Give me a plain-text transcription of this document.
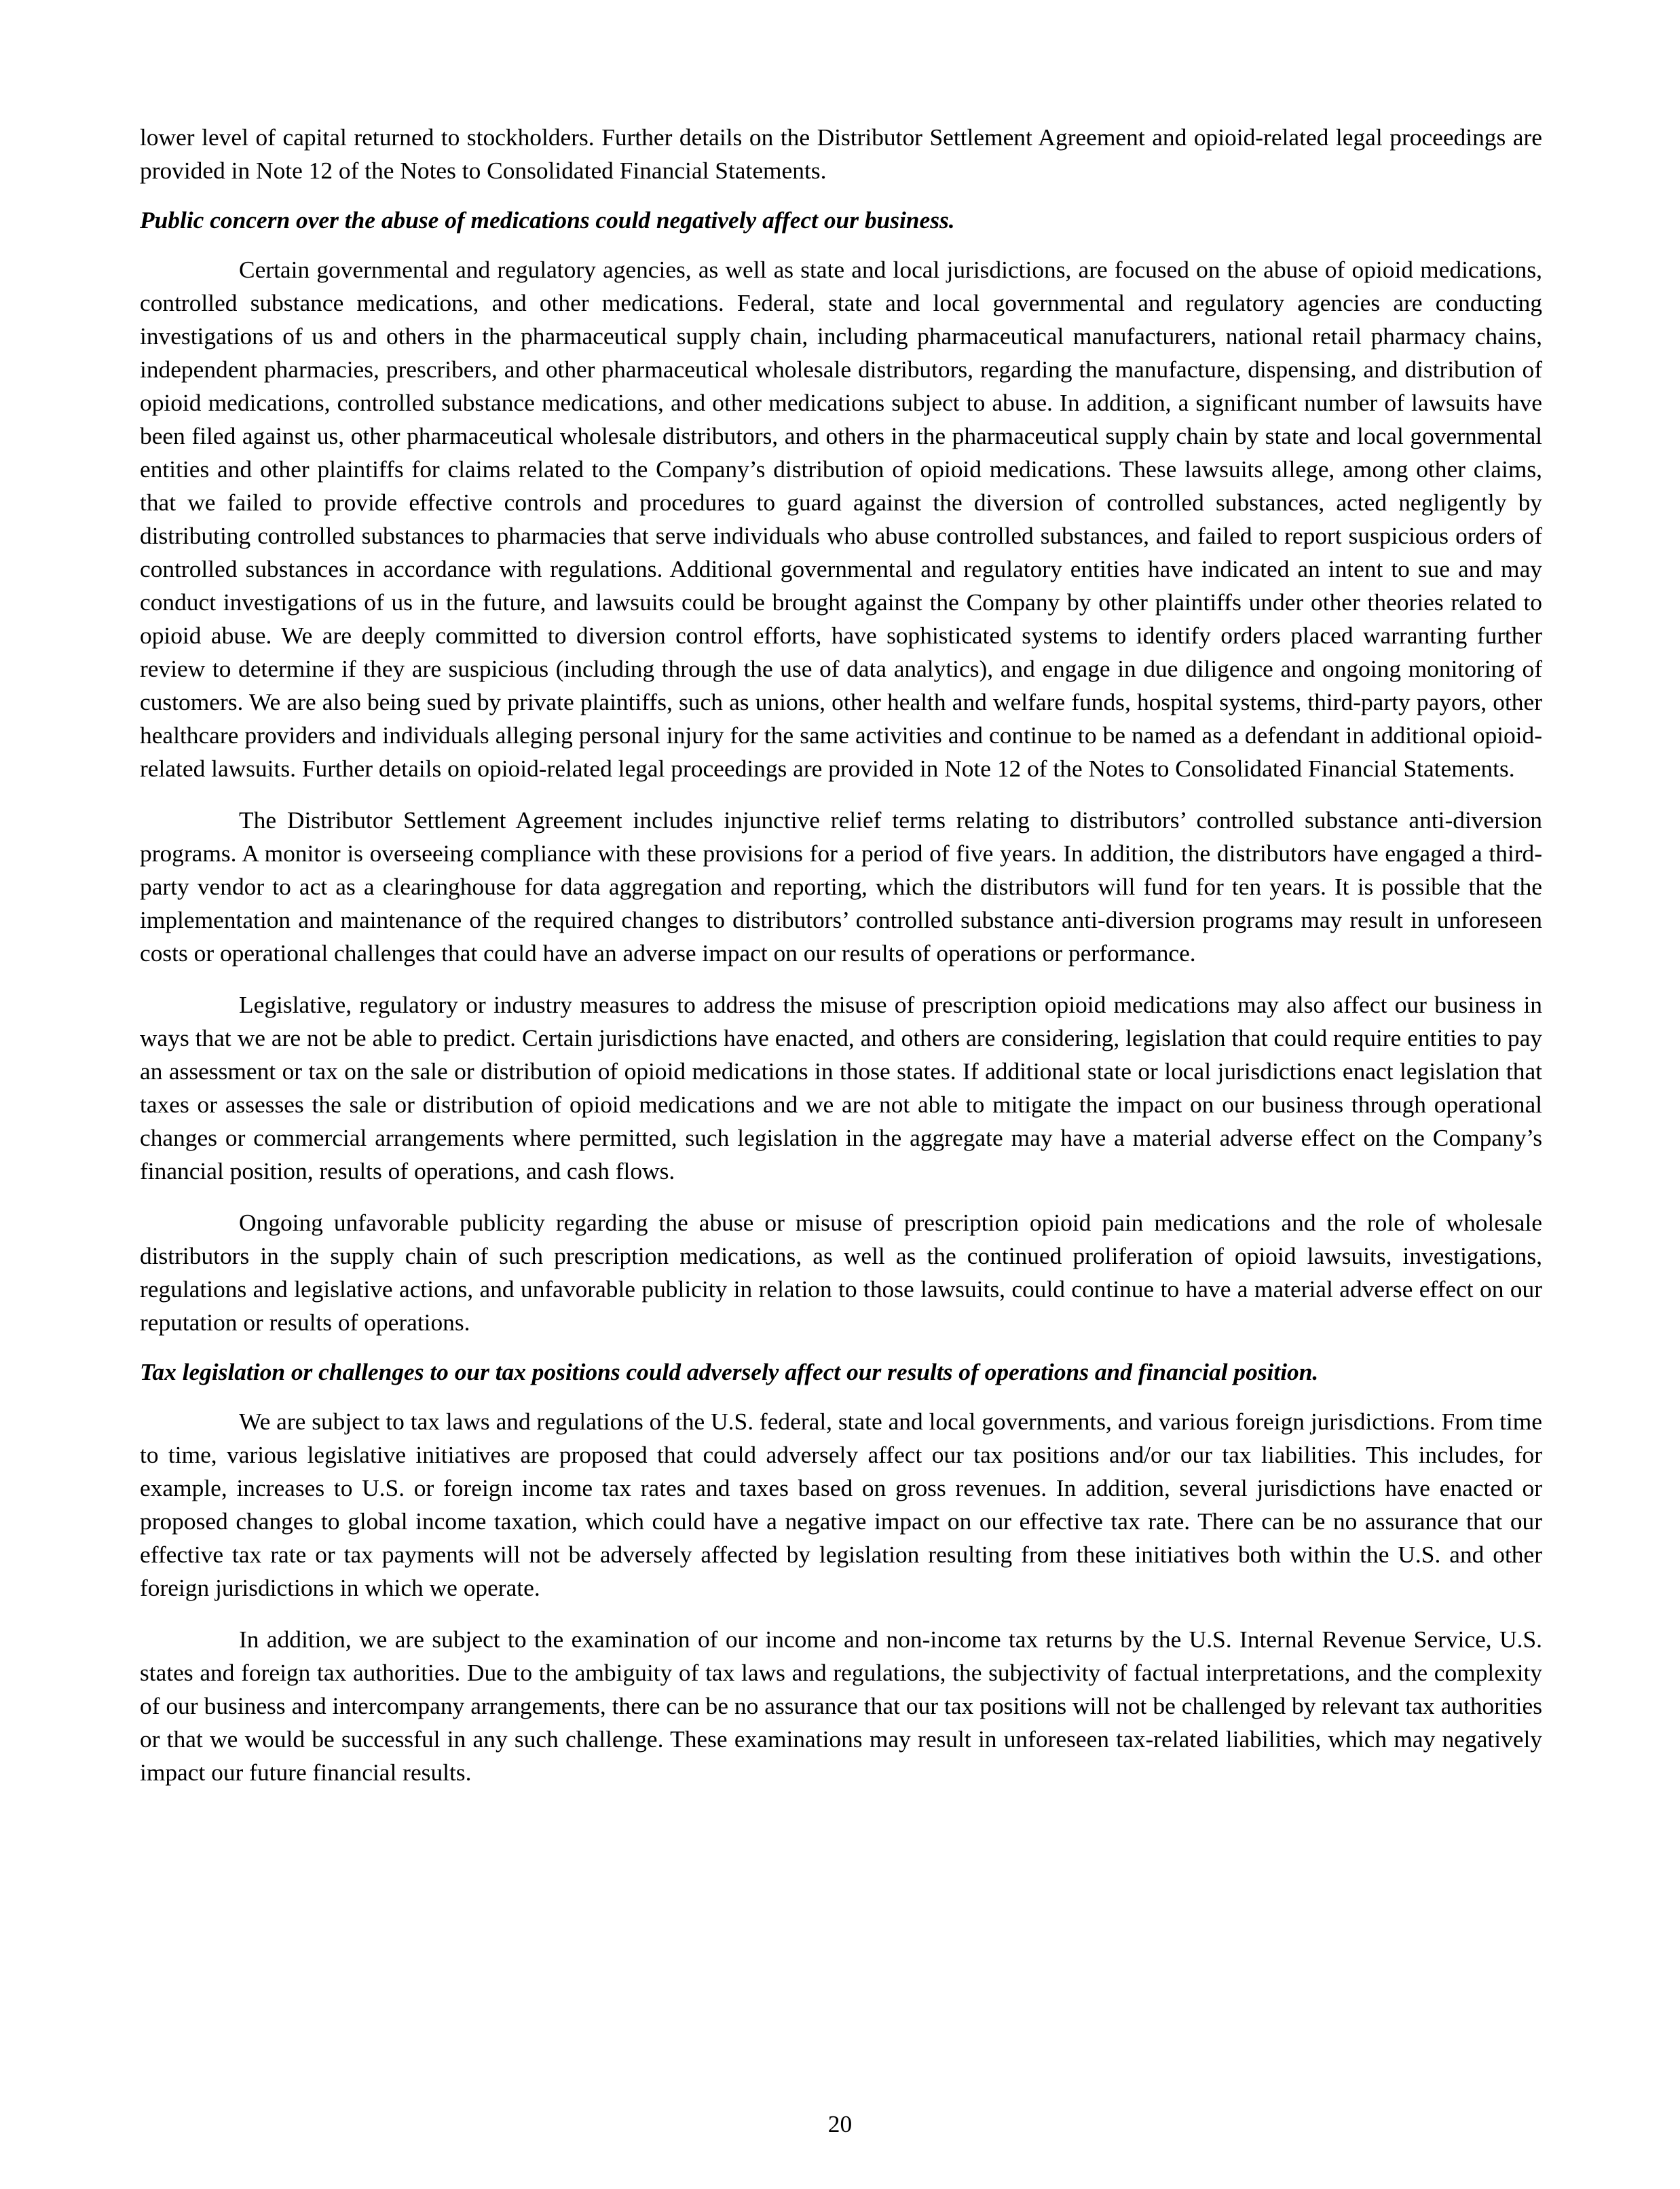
lower level of capital returned to stockholders. Further details on the Distributor Settlement Agreement and opioid-related legal proceedings are provided in Note 12 of the Notes to Consolidated Financial Statements.

Public concern over the abuse of medications could negatively affect our business.

Certain governmental and regulatory agencies, as well as state and local jurisdictions, are focused on the abuse of opioid medications, controlled substance medications, and other medications. Federal, state and local governmental and regulatory agencies are conducting investigations of us and others in the pharmaceutical supply chain, including pharmaceutical manufacturers, national retail pharmacy chains, independent pharmacies, prescribers, and other pharmaceutical wholesale distributors, regarding the manufacture, dispensing, and distribution of opioid medications, controlled substance medications, and other medications subject to abuse. In addition, a significant number of lawsuits have been filed against us, other pharmaceutical wholesale distributors, and others in the pharmaceutical supply chain by state and local governmental entities and other plaintiffs for claims related to the Company’s distribution of opioid medications. These lawsuits allege, among other claims, that we failed to provide effective controls and procedures to guard against the diversion of controlled substances, acted negligently by distributing controlled substances to pharmacies that serve individuals who abuse controlled substances, and failed to report suspicious orders of controlled substances in accordance with regulations. Additional governmental and regulatory entities have indicated an intent to sue and may conduct investigations of us in the future, and lawsuits could be brought against the Company by other plaintiffs under other theories related to opioid abuse. We are deeply committed to diversion control efforts, have sophisticated systems to identify orders placed warranting further review to determine if they are suspicious (including through the use of data analytics), and engage in due diligence and ongoing monitoring of customers. We are also being sued by private plaintiffs, such as unions, other health and welfare funds, hospital systems, third-party payors, other healthcare providers and individuals alleging personal injury for the same activities and continue to be named as a defendant in additional opioid-related lawsuits. Further details on opioid-related legal proceedings are provided in Note 12 of the Notes to Consolidated Financial Statements.

The Distributor Settlement Agreement includes injunctive relief terms relating to distributors’ controlled substance anti-diversion programs. A monitor is overseeing compliance with these provisions for a period of five years. In addition, the distributors have engaged a third-party vendor to act as a clearinghouse for data aggregation and reporting, which the distributors will fund for ten years. It is possible that the implementation and maintenance of the required changes to distributors’ controlled substance anti-diversion programs may result in unforeseen costs or operational challenges that could have an adverse impact on our results of operations or performance.

Legislative, regulatory or industry measures to address the misuse of prescription opioid medications may also affect our business in ways that we are not be able to predict. Certain jurisdictions have enacted, and others are considering, legislation that could require entities to pay an assessment or tax on the sale or distribution of opioid medications in those states. If additional state or local jurisdictions enact legislation that taxes or assesses the sale or distribution of opioid medications and we are not able to mitigate the impact on our business through operational changes or commercial arrangements where permitted, such legislation in the aggregate may have a material adverse effect on the Company’s financial position, results of operations, and cash flows.

Ongoing unfavorable publicity regarding the abuse or misuse of prescription opioid pain medications and the role of wholesale distributors in the supply chain of such prescription medications, as well as the continued proliferation of opioid lawsuits, investigations, regulations and legislative actions, and unfavorable publicity in relation to those lawsuits, could continue to have a material adverse effect on our reputation or results of operations.

Tax legislation or challenges to our tax positions could adversely affect our results of operations and financial position.

We are subject to tax laws and regulations of the U.S. federal, state and local governments, and various foreign jurisdictions. From time to time, various legislative initiatives are proposed that could adversely affect our tax positions and/or our tax liabilities. This includes, for example, increases to U.S. or foreign income tax rates and taxes based on gross revenues. In addition, several jurisdictions have enacted or proposed changes to global income taxation, which could have a negative impact on our effective tax rate. There can be no assurance that our effective tax rate or tax payments will not be adversely affected by legislation resulting from these initiatives both within the U.S. and other foreign jurisdictions in which we operate.

In addition, we are subject to the examination of our income and non-income tax returns by the U.S. Internal Revenue Service, U.S. states and foreign tax authorities. Due to the ambiguity of tax laws and regulations, the subjectivity of factual interpretations, and the complexity of our business and intercompany arrangements, there can be no assurance that our tax positions will not be challenged by relevant tax authorities or that we would be successful in any such challenge. These examinations may result in unforeseen tax-related liabilities, which may negatively impact our future financial results.

20
